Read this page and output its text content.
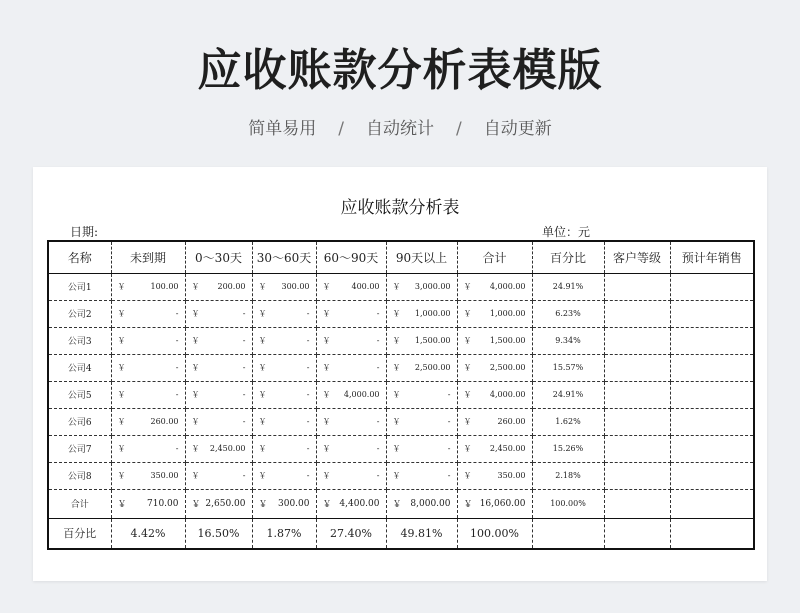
应收账款分析表模版
简单易用 / 自动统计 / 自动更新
应收账款分析表
日期:	单位：元
名称	未到期	0～30天	30～60天	60～90天	90天以上	合计	百分比	客户等级	预计年销售
公司1	￥ 100.00	￥ 200.00	￥ 300.00	￥ 400.00	￥ 3,000.00	￥ 4,000.00	24.91%		
公司2	￥ -	￥ -	￥ -	￥ -	￥ 1,000.00	￥ 1,000.00	6.23%		
公司3	￥ -	￥ -	￥ -	￥ -	￥ 1,500.00	￥ 1,500.00	9.34%		
公司4	￥ -	￥ -	￥ -	￥ -	￥ 2,500.00	￥ 2,500.00	15.57%		
公司5	￥ -	￥ -	￥ -	￥ 4,000.00	￥ -	￥ 4,000.00	24.91%		
公司6	￥ 260.00	￥ -	￥ -	￥ -	￥ -	￥ 260.00	1.62%		
公司7	￥ -	￥ 2,450.00	￥ -	￥ -	￥ -	￥ 2,450.00	15.26%		
公司8	￥ 350.00	￥ -	￥ -	￥ -	￥ -	￥ 350.00	2.18%		
合计	￥ 710.00	￥ 2,650.00	￥ 300.00	￥ 4,400.00	￥ 8,000.00	￥ 16,060.00	100.00%		
百分比	4.42%	16.50%	1.87%	27.40%	49.81%	100.00%			
